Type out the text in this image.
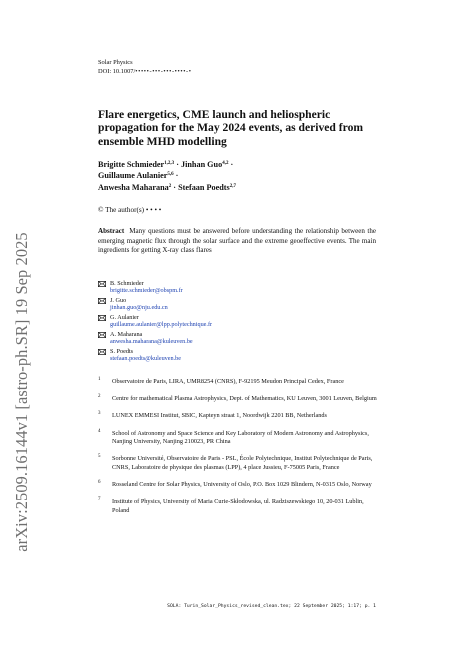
arXiv:2509.16144v1 [astro-ph.SR] 19 Sep 2025
Solar Physics
DOI: 10.1007/•••••-•••-•••-••••-•
Flare energetics, CME launch and heliospheric propagation for the May 2024 events, as derived from ensemble MHD modelling
Brigitte Schmieder$^{1,2,3}$ · Jinhan Guo$^{4,2}$ ·
Guillaume Aulanier$^{5,6}$ ·
Anwesha Maharana$^2$ · Stefaan Poedts$^{2,7}$
© The author(s) • • • •

Abstract Many questions must be answered before understanding the relationship between the emerging magnetic flux through the solar surface and the extreme geoeffective events. The main ingredients for getting X-ray class flares

B. Schmieder
brigitte.schmieder@obspm.fr
J. Guo
jinhan.guo@nju.edu.cn
G. Aulanier
guillaume.aulanier@lpp.polytechnique.fr
A. Maharana
anwesha.maharana@kuleuven.be
S. Poedts
stefaan.poedts@kuleuven.be
1 Observatoire de Paris, LIRA, UMR8254 (CNRS), F-92195 Meudon Principal Cedex, France
2 Centre for mathematical Plasma Astrophysics, Dept. of Mathematics, KU Leuven, 3001 Leuven, Belgium
3 LUNEX EMMESI Institut, SBIC, Kapteyn straat 1, Noordwijk 2201 BB, Netherlands
4 School of Astronomy and Space Science and Key Laboratory of Modern Astronomy and Astrophysics, Nanjing University, Nanjing 210023, PR China
5 Sorbonne Université, Observatoire de Paris - PSL, École Polytechnique, Institut Polytechnique de Paris, CNRS, Laboratoire de physique des plasmas (LPP), 4 place Jussieu, F-75005 Paris, France
6 Rosseland Centre for Solar Physics, University of Oslo, P.O. Box 1029 Blindern, N-0315 Oslo, Norway
7 Institute of Physics, University of Maria Curie-Skłodowska, ul. Radziszewskiego 10, 20-031 Lublin, Poland
SOLA: Turin_Solar_Physics_revised_clean.tex; 22 September 2025; 1:17; p. 1
